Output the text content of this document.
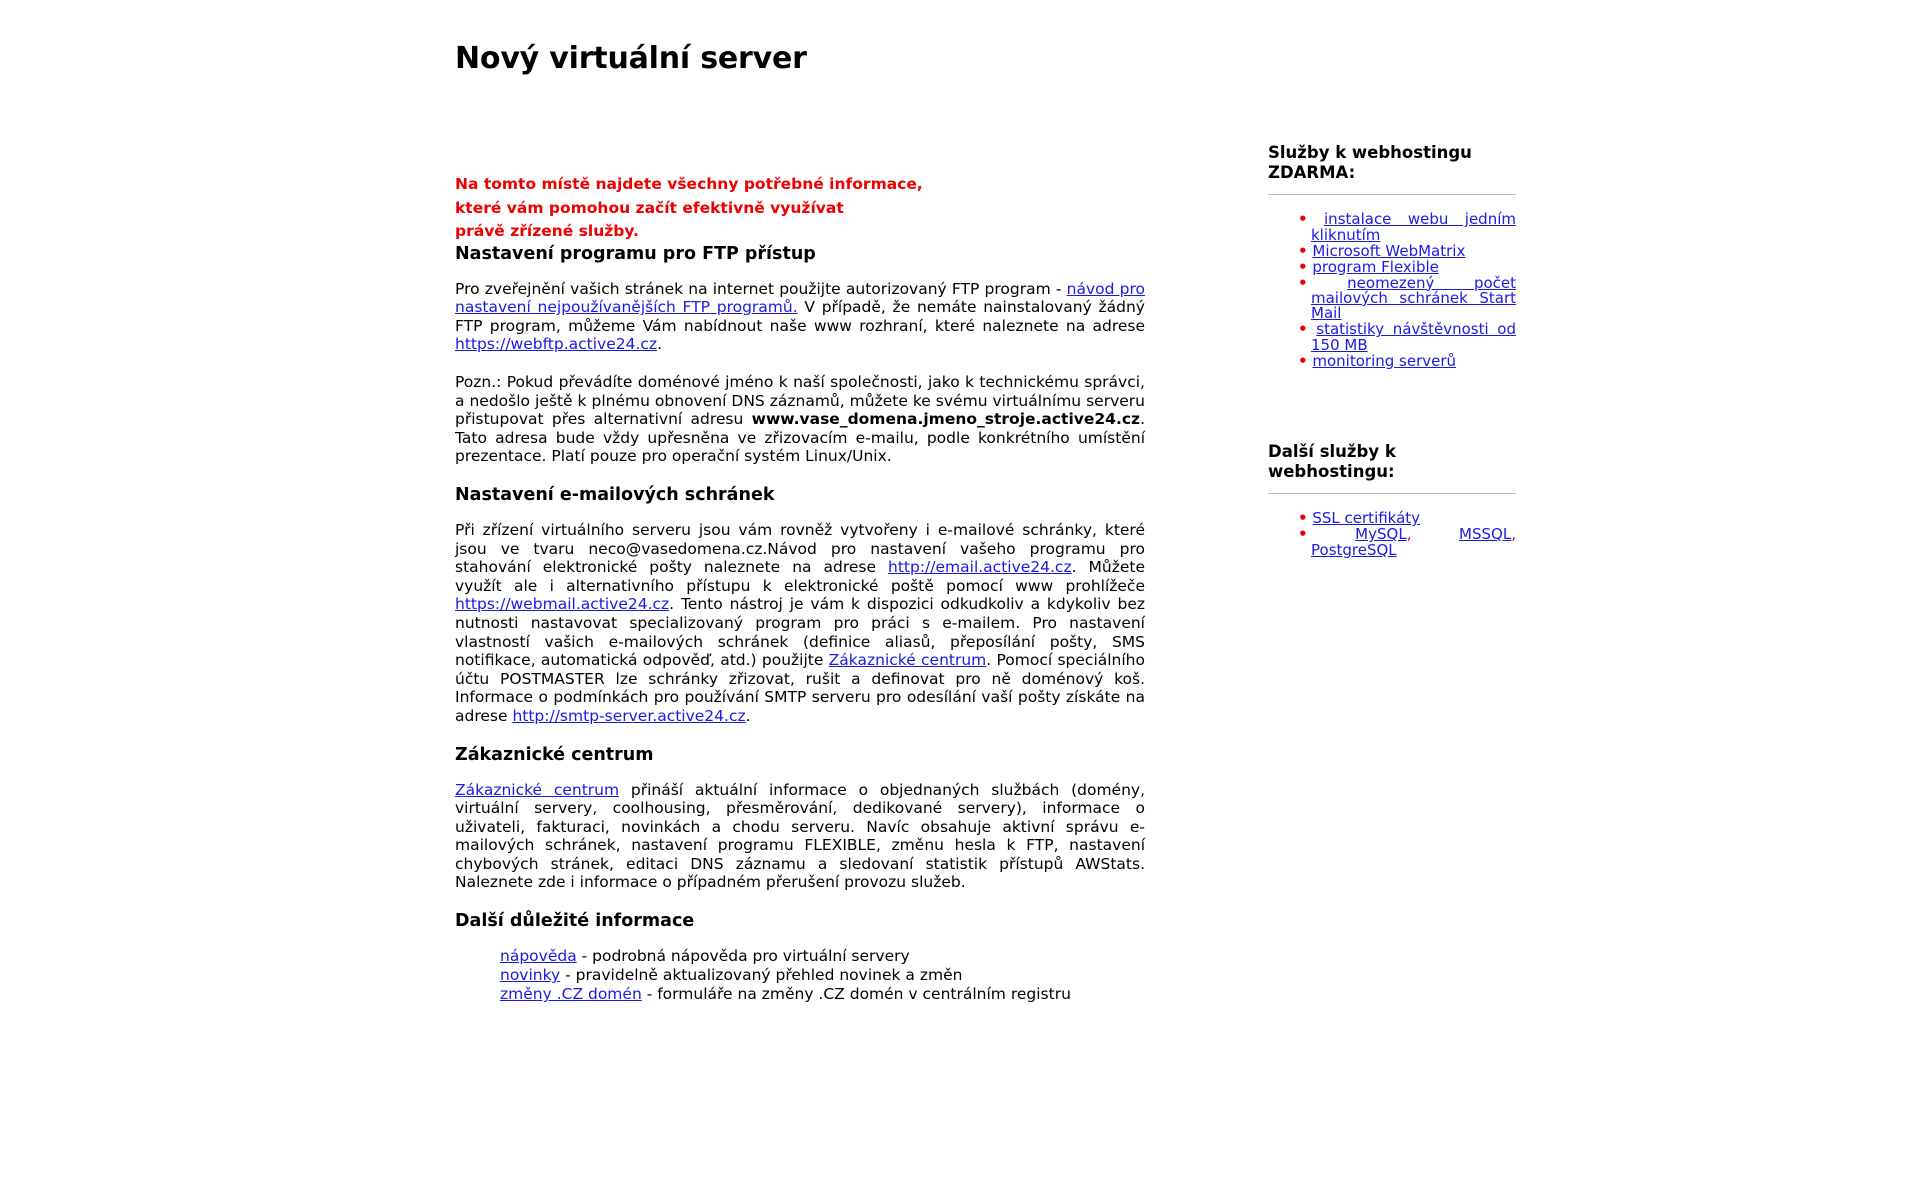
Nový virtuální server
Na tomto místě najdete všechny potřebné informace,
které vám pomohou začít efektivně využívat
právě zřízené služby.
Nastavení programu pro FTP přístup

Pro zveřejnění vašich stránek na internet použijte autorizovaný FTP program - návod pro nastavení nejpoužívanějších FTP programů. V případě, že nemáte nainstalovaný žádný FTP program, můžeme Vám nabídnout naše www rozhraní, které naleznete na adrese https://webftp.active24.cz.

Pozn.: Pokud převádíte doménové jméno k naší společnosti, jako k technickému správci, a nedošlo ještě k plnému obnovení DNS záznamů, můžete ke svému virtuálnímu serveru přistupovat přes alternativní adresu www.vase_domena.jmeno_stroje.active24.cz. Tato adresa bude vždy upřesněna ve zřizovacím e-mailu, podle konkrétního umístění prezentace. Platí pouze pro operační systém Linux/Unix.

Nastavení e-mailových schránek

Při zřízení virtuálního serveru jsou vám rovněž vytvořeny i e-mailové schránky, které jsou ve tvaru neco@vasedomena.cz.Návod pro nastavení vašeho programu pro stahování elektronické pošty naleznete na adrese http://email.active24.cz. Můžete využít ale i alternativního přístupu k elektronické poště pomocí www prohlížeče https://webmail.active24.cz. Tento nástroj je vám k dispozici odkudkoliv a kdykoliv bez nutnosti nastavovat specializovaný program pro práci s e-mailem. Pro nastavení vlastností vašich e-mailových schránek (definice aliasů, přeposílání pošty, SMS notifikace, automatická odpověď, atd.) použijte Zákaznické centrum. Pomocí speciálního účtu POSTMASTER lze schránky zřizovat, rušit a definovat pro ně doménový koš. Informace o podmínkách pro používání SMTP serveru pro odesílání vaší pošty získáte na adrese http://smtp-server.active24.cz.

Zákaznické centrum

Zákaznické centrum přináší aktuální informace o objednaných službách (domény, virtuální servery, coolhousing, přesměrování, dedikované servery), informace o uživateli, fakturaci, novinkách a chodu serveru. Navíc obsahuje aktivní správu e-mailových schránek, nastavení programu FLEXIBLE, změnu hesla k FTP, nastavení chybových stránek, editaci DNS záznamu a sledovaní statistik přístupů AWStats. Naleznete zde i informace o případném přerušení provozu služeb.

Další důležité informace
nápověda - podrobná nápověda pro virtuální servery
novinky - pravidelně aktualizovaný přehled novinek a změn
změny .CZ domén - formuláře na změny .CZ domén v centrálním registru
Služby k webhostingu
ZDARMA:
• instalace webu jedním kliknutím
• Microsoft WebMatrix
• program Flexible
•	neomezený počet mailových schránek Start Mail
• statistiky návštěvnosti od 150 MB
• monitoring serverů
Další služby k
webhostingu:
• SSL certifikáty
•	MySQL,	MSSQL, PostgreSQL
